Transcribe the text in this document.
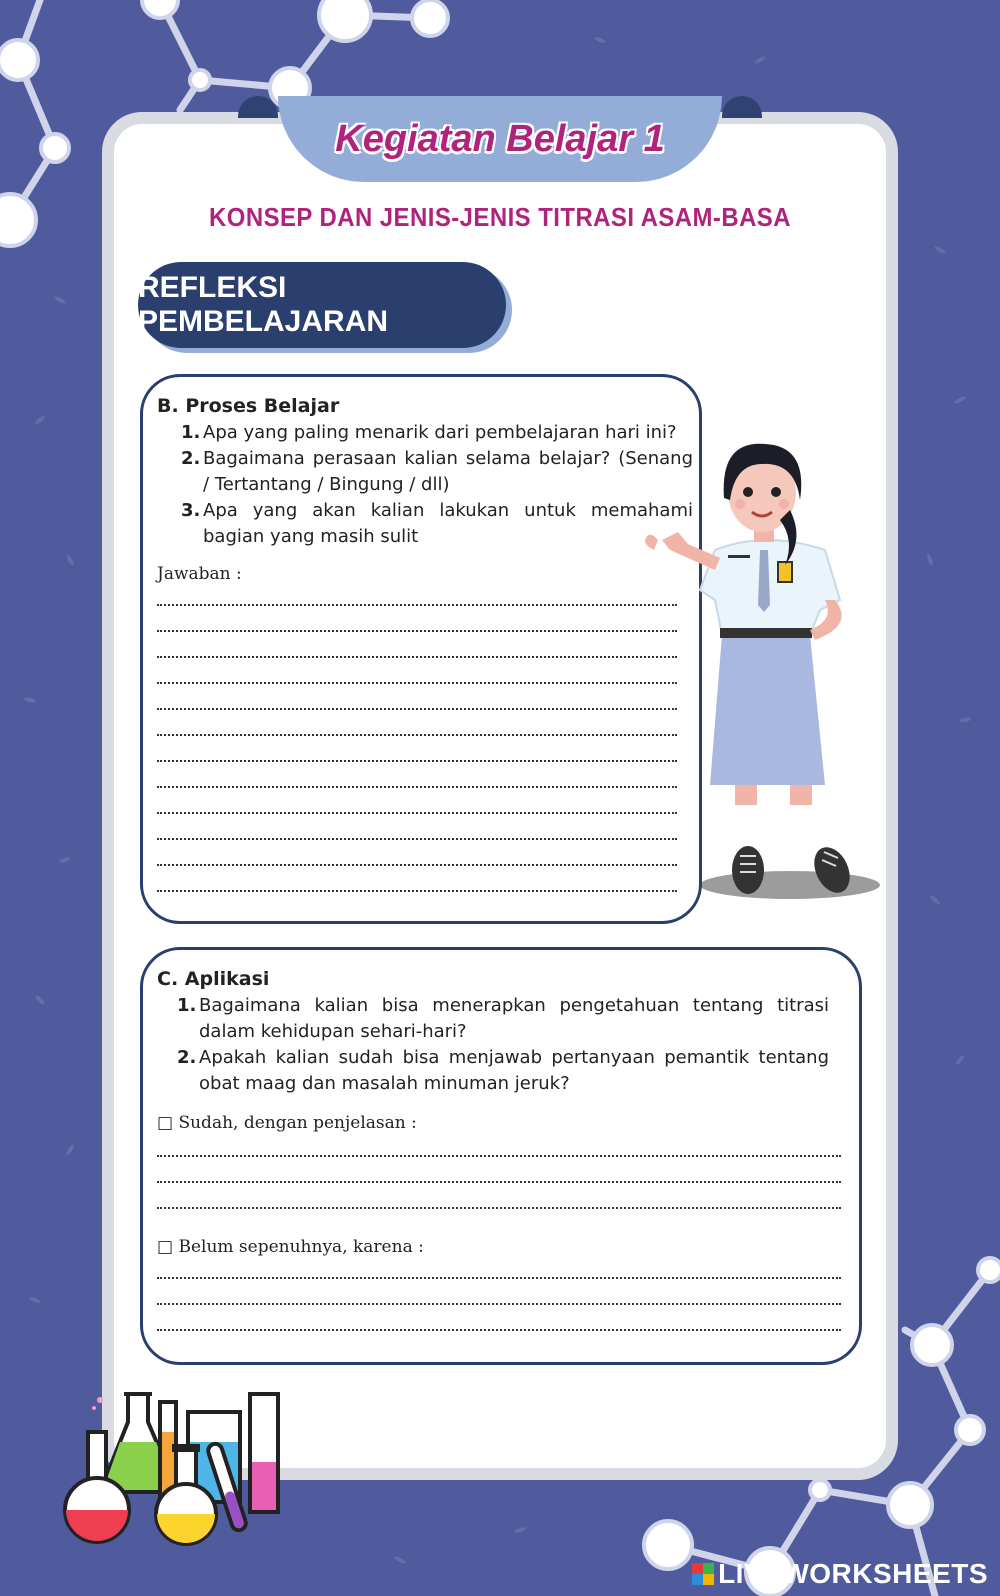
Kegiatan Belajar 1
KONSEP DAN JENIS-JENIS TITRASI ASAM-BASA
REFLEKSI PEMBELAJARAN
B. Proses Belajar
1. Apa yang paling menarik dari pembelajaran hari ini?
2. Bagaimana perasaan kalian selama belajar? (Senang / Tertantang / Bingung / dll)
3. Apa yang akan kalian lakukan untuk memahami bagian yang masih sulit
Jawaban :
C. Aplikasi
1. Bagaimana kalian bisa menerapkan pengetahuan tentang titrasi dalam kehidupan sehari-hari?
2. Apakah kalian sudah bisa menjawab pertanyaan pemantik tentang obat maag dan masalah minuman jeruk?
□ Sudah, dengan penjelasan :
□ Belum sepenuhnya, karena :
LIVEWORKSHEETS
